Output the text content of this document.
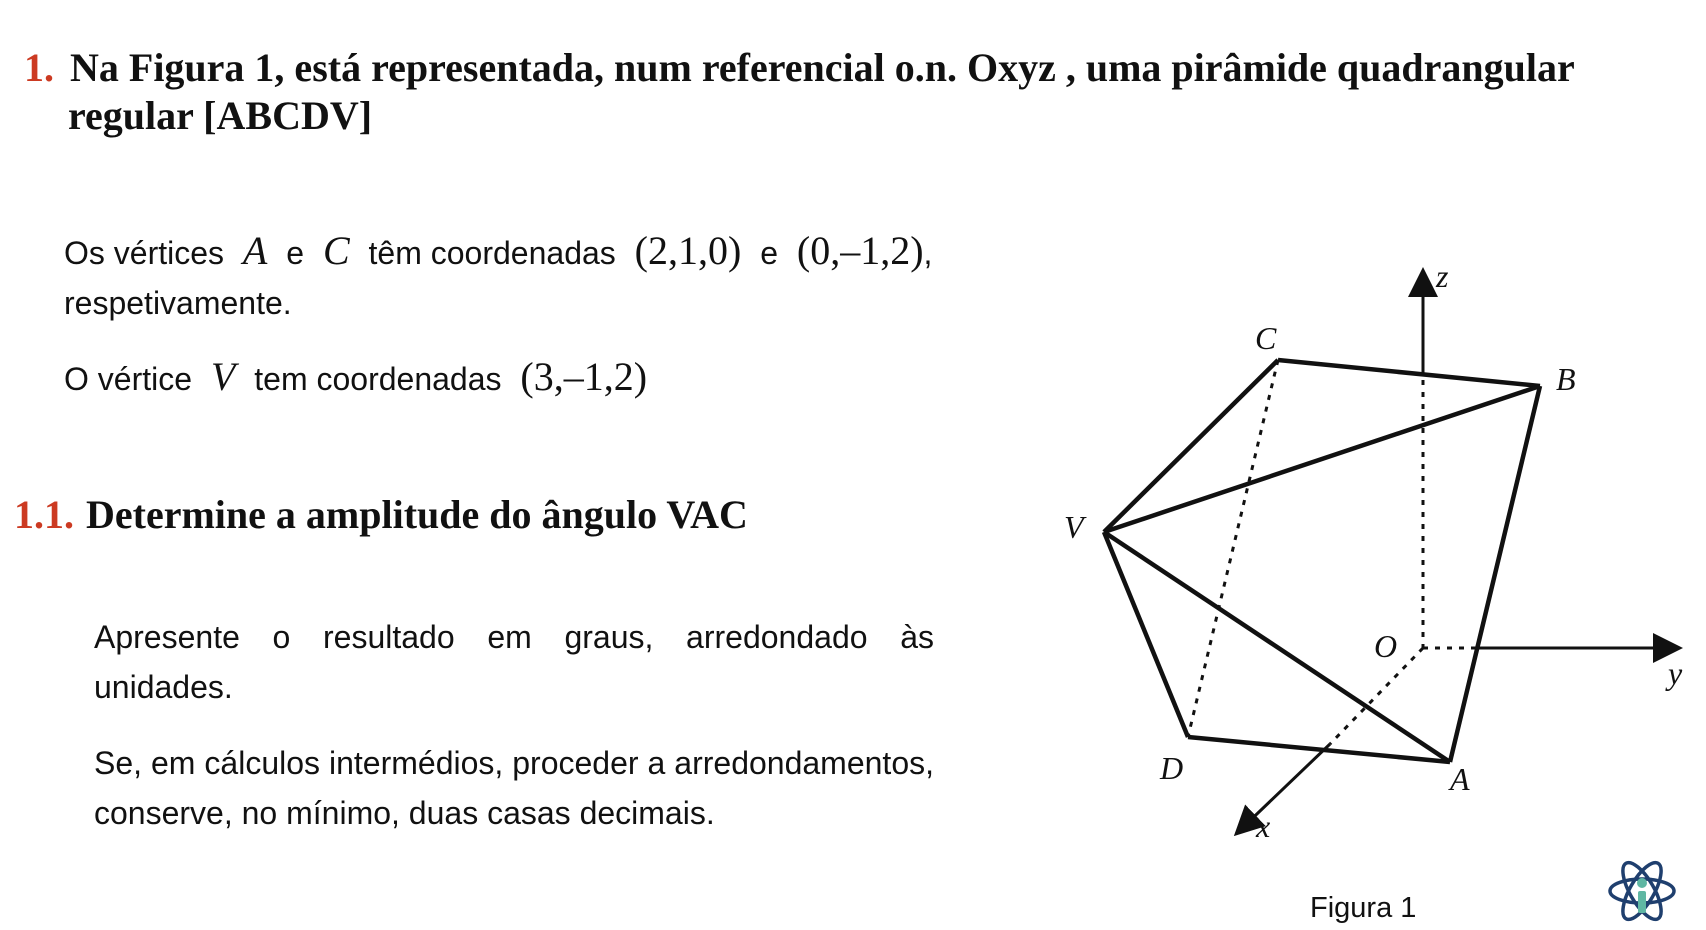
1. Na Figura 1, está representada, num referencial o.n. Oxyz , uma pirâmide quadrangular
regular [ABCDV]
Os vértices A e C têm coordenadas (2,1,0) e (0,–1,2),
respetivamente.
O vértice V tem coordenadas (3,–1,2)
1.1. Determine a amplitude do ângulo VAC
Apresente o resultado em graus, arredondado às unidades.
Se, em cálculos intermédios, proceder a arredondamentos, conserve, no mínimo, duas casas decimais.
C
B
V
O
D	A
z
y
x
Figura 1
